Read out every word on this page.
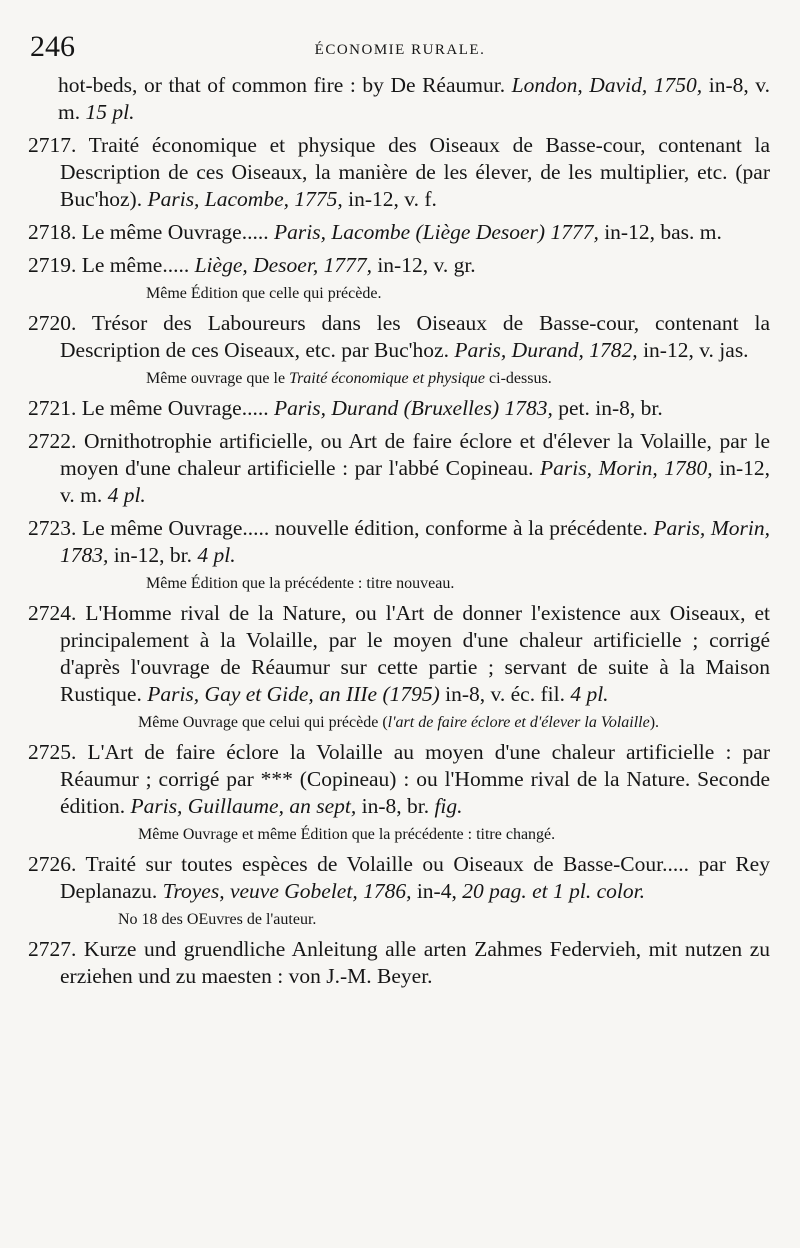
246	ÉCONOMIE RURALE.

hot-beds, or that of common fire : by De Réaumur. London, David, 1750, in-8, v. m. 15 pl.

2717. Traité économique et physique des Oiseaux de Basse-cour, contenant la Description de ces Oiseaux, la manière de les élever, de les multiplier, etc. (par Buc'hoz). Paris, Lacombe, 1775, in-12, v. f.

2718. Le même Ouvrage..... Paris, Lacombe (Liège Desoer) 1777, in-12, bas. m.

2719. Le même..... Liège, Desoer, 1777, in-12, v. gr.

Même Édition que celle qui précède.

2720. Trésor des Laboureurs dans les Oiseaux de Basse-cour, contenant la Description de ces Oiseaux, etc. par Buc'hoz. Paris, Durand, 1782, in-12, v. jas.

Même ouvrage que le Traité économique et physique ci-dessus.

2721. Le même Ouvrage..... Paris, Durand (Bruxelles) 1783, pet. in-8, br.

2722. Ornithotrophie artificielle, ou Art de faire éclore et d'élever la Volaille, par le moyen d'une chaleur artificielle : par l'abbé Copineau. Paris, Morin, 1780, in-12, v. m. 4 pl.

2723. Le même Ouvrage..... nouvelle édition, conforme à la précédente. Paris, Morin, 1783, in-12, br. 4 pl.

Même Édition que la précédente : titre nouveau.

2724. L'Homme rival de la Nature, ou l'Art de donner l'existence aux Oiseaux, et principalement à la Volaille, par le moyen d'une chaleur artificielle ; corrigé d'après l'ouvrage de Réaumur sur cette partie ; servant de suite à la Maison Rustique. Paris, Gay et Gide, an IIIe (1795) in-8, v. éc. fil. 4 pl.

Même Ouvrage que celui qui précède (l'art de faire éclore et d'élever la Volaille).

2725. L'Art de faire éclore la Volaille au moyen d'une chaleur artificielle : par Réaumur ; corrigé par *** (Copineau) : ou l'Homme rival de la Nature. Seconde édition. Paris, Guillaume, an sept, in-8, br. fig.

Même Ouvrage et même Édition que la précédente : titre changé.

2726. Traité sur toutes espèces de Volaille ou Oiseaux de Basse-Cour..... par Rey Deplanazu. Troyes, veuve Gobelet, 1786, in-4, 20 pag. et 1 pl. color.

No 18 des OEuvres de l'auteur.

2727. Kurze und gruendliche Anleitung alle arten Zahmes Federvieh, mit nutzen zu erziehen und zu maesten : von J.-M. Beyer.
